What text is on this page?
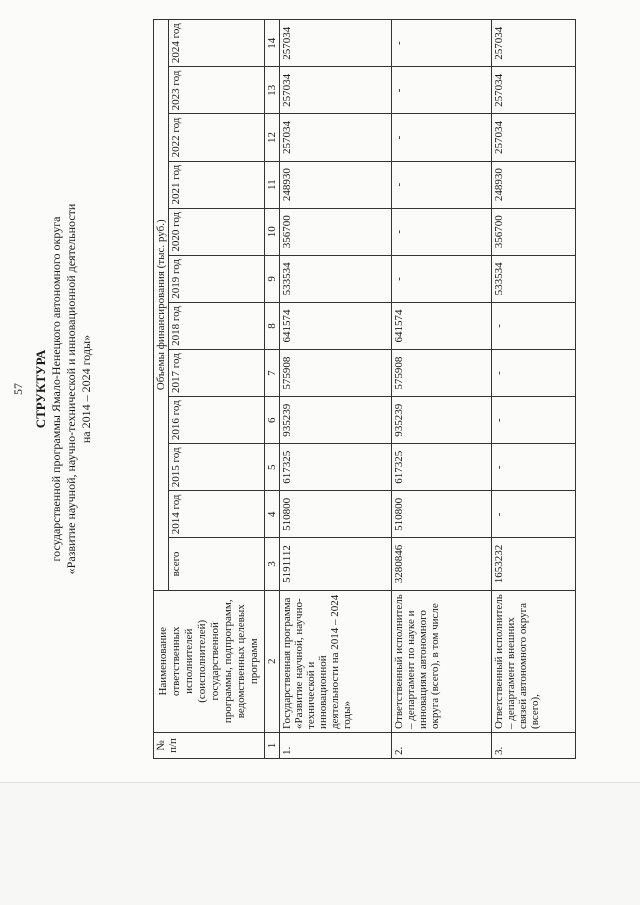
57 СТРУКТУРА государственной программы Ямало-Ненецкого автономного округа «Развитие научной, научно-технической и инновационной деятельности на 2014 – 2024 годы»
№ п/п	Наименование ответственных исполнителей (соисполнителей) государственной программы, подпрограмм, ведомственных целевых программ	Объемы финансирования (тыс. руб.)											
		всего	2014 год	2015 год	2016 год	2017 год	2018 год	2019 год	2020 год	2021 год	2022 год	2023 год	2024 год
1	2	3	4	5	6	7	8	9	10	11	12	13	14
1.	Государственная программа «Развитие научной, научно-технической и инновационной деятельности на 2014 – 2024 годы»	5191112	510800	617325	935239	575908	641574	533534	356700	248930	257034	257034	257034
2.	Ответственный исполнитель – департамент по науке и инновациям автономного округа (всего), в том числе	3280846	510800	617325	935239	575908	641574	-	-	-	-	-	-
3.	Ответственный исполнитель – департамент внешних связей автономного округа (всего),	1653232	-	-	-	-	-	533534	356700	248930	257034	257034	257034
